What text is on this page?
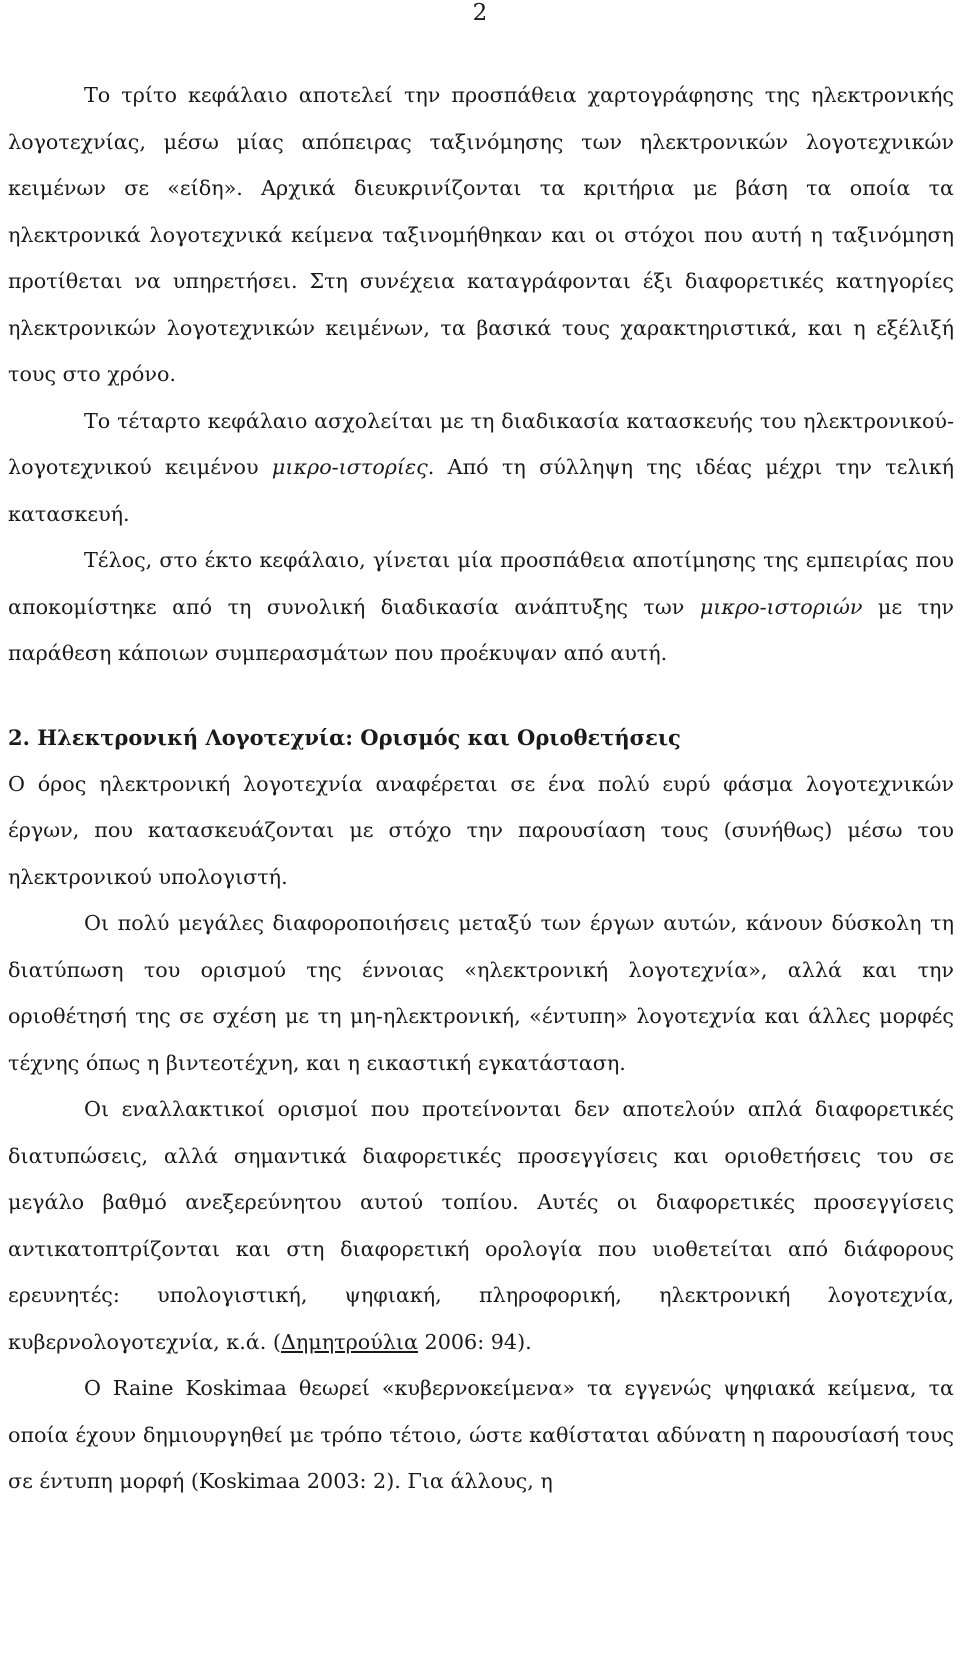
2

Το τρίτο κεφάλαιο αποτελεί την προσπάθεια χαρτογράφησης της ηλεκτρονικής λογοτεχνίας, μέσω μίας απόπειρας ταξινόμησης των ηλεκτρονικών λογοτεχνικών κειμένων σε «είδη». Αρχικά διευκρινίζονται τα κριτήρια με βάση τα οποία τα ηλεκτρονικά λογοτεχνικά κείμενα ταξινομήθηκαν και οι στόχοι που αυτή η ταξινόμηση προτίθεται να υπηρετήσει. Στη συνέχεια καταγράφονται έξι διαφορετικές κατηγορίες ηλεκτρονικών λογοτεχνικών κειμένων, τα βασικά τους χαρακτηριστικά, και η εξέλιξή τους στο χρόνο.

Το τέταρτο κεφάλαιο ασχολείται με τη διαδικασία κατασκευής του ηλεκτρονικού-λογοτεχνικού κειμένου μικρο-ιστορίες. Από τη σύλληψη της ιδέας μέχρι την τελική κατασκευή.

Τέλος, στο έκτο κεφάλαιο, γίνεται μία προσπάθεια αποτίμησης της εμπειρίας που αποκομίστηκε από τη συνολική διαδικασία ανάπτυξης των μικρο-ιστοριών με την παράθεση κάποιων συμπερασμάτων που προέκυψαν από αυτή.

2. Ηλεκτρονική Λογοτεχνία: Ορισμός και Οριοθετήσεις

Ο όρος ηλεκτρονική λογοτεχνία αναφέρεται σε ένα πολύ ευρύ φάσμα λογοτεχνικών έργων, που κατασκευάζονται με στόχο την παρουσίαση τους (συνήθως) μέσω του ηλεκτρονικού υπολογιστή.

Οι πολύ μεγάλες διαφοροποιήσεις μεταξύ των έργων αυτών, κάνουν δύσκολη τη διατύπωση του ορισμού της έννοιας «ηλεκτρονική λογοτεχνία», αλλά και την οριοθέτησή της σε σχέση με τη μη-ηλεκτρονική, «έντυπη» λογοτεχνία και άλλες μορφές τέχνης όπως η βιντεοτέχνη, και η εικαστική εγκατάσταση.

Οι εναλλακτικοί ορισμοί που προτείνονται δεν αποτελούν απλά διαφορετικές διατυπώσεις, αλλά σημαντικά διαφορετικές προσεγγίσεις και οριοθετήσεις του σε μεγάλο βαθμό ανεξερεύνητου αυτού τοπίου. Αυτές οι διαφορετικές προσεγγίσεις αντικατοπτρίζονται και στη διαφορετική ορολογία που υιοθετείται από διάφορους ερευνητές: υπολογιστική, ψηφιακή, πληροφορική, ηλεκτρονική λογοτεχνία, κυβερνολογοτεχνία, κ.ά. (Δημητρούλια 2006: 94).

Ο Raine Koskimaa θεωρεί «κυβερνοκείμενα» τα εγγενώς ψηφιακά κείμενα, τα οποία έχουν δημιουργηθεί με τρόπο τέτοιο, ώστε καθίσταται αδύνατη η παρουσίασή τους σε έντυπη μορφή (Koskimaa 2003: 2). Για άλλους, η
